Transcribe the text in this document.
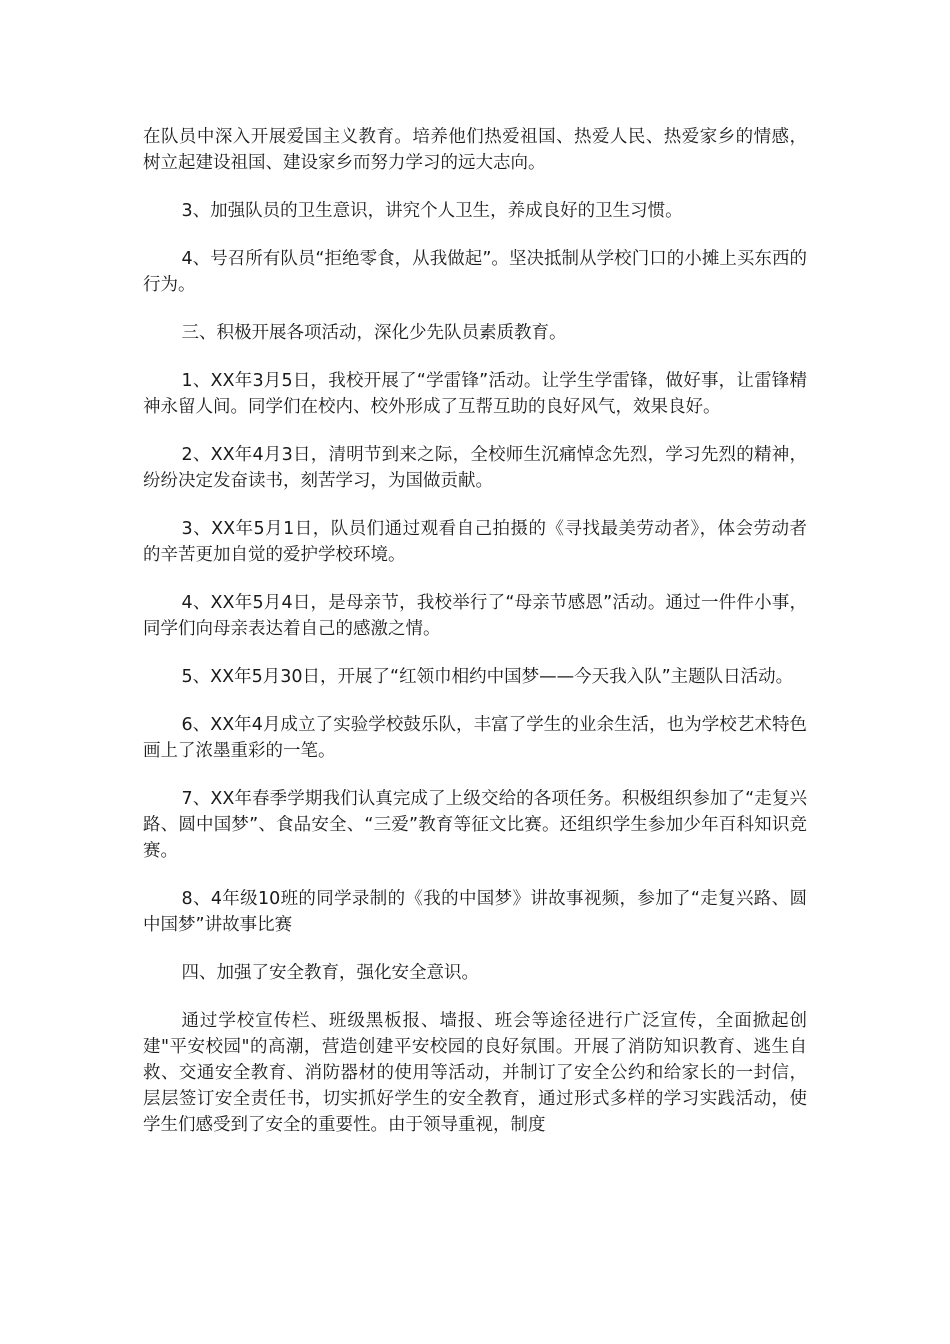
在队员中深入开展爱国主义教育。培养他们热爱祖国、热爱人民、热爱家乡的情感，树立起建设祖国、建设家乡而努力学习的远大志向。

3、加强队员的卫生意识，讲究个人卫生，养成良好的卫生习惯。

4、号召所有队员“拒绝零食，从我做起”。坚决抵制从学校门口的小摊上买东西的行为。

三、积极开展各项活动，深化少先队员素质教育。

1、XX年3月5日，我校开展了“学雷锋”活动。让学生学雷锋，做好事，让雷锋精神永留人间。同学们在校内、校外形成了互帮互助的良好风气，效果良好。

2、XX年4月3日，清明节到来之际，全校师生沉痛悼念先烈，学习先烈的精神，纷纷决定发奋读书，刻苦学习，为国做贡献。

3、XX年5月1日，队员们通过观看自己拍摄的《寻找最美劳动者》，体会劳动者的辛苦更加自觉的爱护学校环境。

4、XX年5月4日，是母亲节，我校举行了“母亲节感恩”活动。通过一件件小事，同学们向母亲表达着自己的感激之情。

5、XX年5月30日，开展了“红领巾相约中国梦——今天我入队”主题队日活动。

6、XX年4月成立了实验学校鼓乐队，丰富了学生的业余生活，也为学校艺术特色画上了浓墨重彩的一笔。

7、XX年春季学期我们认真完成了上级交给的各项任务。积极组织参加了“走复兴路、圆中国梦”、食品安全、“三爱”教育等征文比赛。还组织学生参加少年百科知识竞赛。

8、4年级10班的同学录制的《我的中国梦》讲故事视频，参加了“走复兴路、圆中国梦”讲故事比赛

四、加强了安全教育，强化安全意识。

通过学校宣传栏、班级黑板报、墙报、班会等途径进行广泛宣传，全面掀起创建"平安校园"的高潮，营造创建平安校园的良好氛围。开展了消防知识教育、逃生自救、交通安全教育、消防器材的使用等活动，并制订了安全公约和给家长的一封信，层层签订安全责任书，切实抓好学生的安全教育，通过形式多样的学习实践活动，使学生们感受到了安全的重要性。由于领导重视，制度
